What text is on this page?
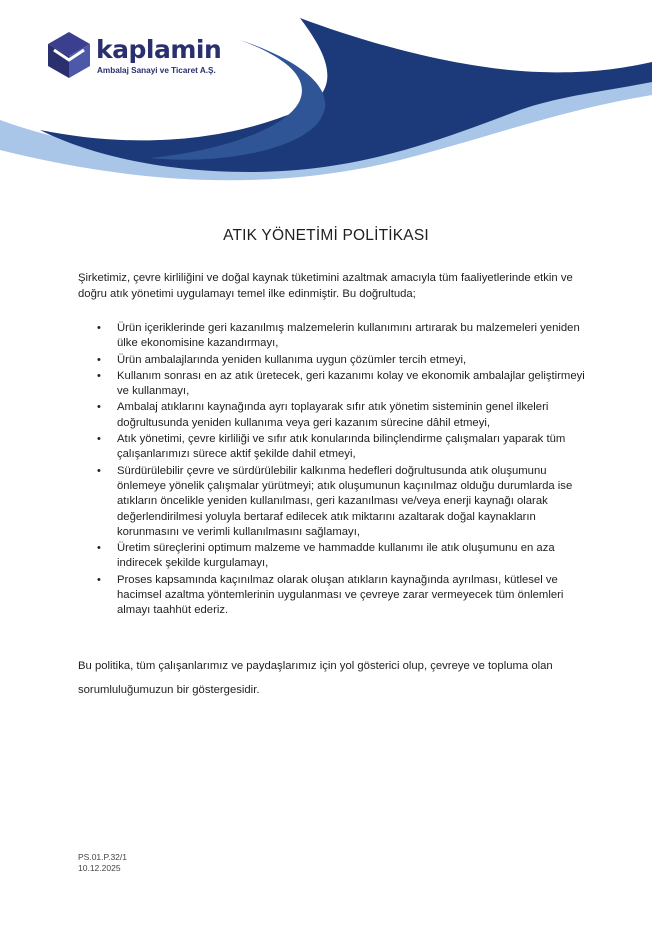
kaplamin
Ambalaj Sanayi ve Ticaret A.Ş.
ATIK YÖNETİMİ POLİTİKASI

Şirketimiz, çevre kirliliğini ve doğal kaynak tüketimini azaltmak amacıyla tüm faaliyetlerinde etkin ve doğru atık yönetimi uygulamayı temel ilke edinmiştir. Bu doğrultuda;

•	Ürün içeriklerinde geri kazanılmış malzemelerin kullanımını artırarak bu malzemeleri yeniden ülke ekonomisine kazandırmayı,
•	Ürün ambalajlarında yeniden kullanıma uygun çözümler tercih etmeyi,
•	Kullanım sonrası en az atık üretecek, geri kazanımı kolay ve ekonomik ambalajlar geliştirmeyi ve kullanmayı,
•	Ambalaj atıklarını kaynağında ayrı toplayarak sıfır atık yönetim sisteminin genel ilkeleri doğrultusunda yeniden kullanıma veya geri kazanım sürecine dâhil etmeyi,
•	Atık yönetimi, çevre kirliliği ve sıfır atık konularında bilinçlendirme çalışmaları yaparak tüm çalışanlarımızı sürece aktif şekilde dahil etmeyi,
•	Sürdürülebilir çevre ve sürdürülebilir kalkınma hedefleri doğrultusunda atık oluşumunu önlemeye yönelik çalışmalar yürütmeyi; atık oluşumunun kaçınılmaz olduğu durumlarda ise atıkların öncelikle yeniden kullanılması, geri kazanılması ve/veya enerji kaynağı olarak değerlendirilmesi yoluyla bertaraf edilecek atık miktarını azaltarak doğal kaynakların korunmasını ve verimli kullanılmasını sağlamayı,
•	Üretim süreçlerini optimum malzeme ve hammadde kullanımı ile atık oluşumunu en aza indirecek şekilde kurgulamayı,
•	Proses kapsamında kaçınılmaz olarak oluşan atıkların kaynağında ayrılması, kütlesel ve hacimsel azaltma yöntemlerinin uygulanması ve çevreye zarar vermeyecek tüm önlemleri almayı taahhüt ederiz.

Bu politika, tüm çalışanlarımız ve paydaşlarımız için yol gösterici olup, çevreye ve topluma olan sorumluluğumuzun bir göstergesidir.

PS.01.P.32/1
10.12.2025
